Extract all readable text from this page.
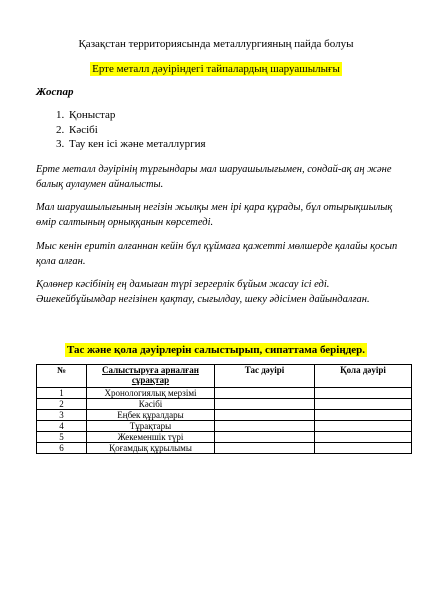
Қазақстан территориясында металлургияның пайда болуы
Ерте металл дәуіріндегі тайпалардың шаруашылығы
Жоспар
1. Қоныстар
2. Кәсібі
3. Тау кен ісі және металлургия

Ерте металл дәуірінің тұрғындары мал шаруашылығымен, сондай-ақ аң және балық аулаумен айналысты.

Мал шаруашылығының негізін жылқы мен ірі қара құрады, бұл отырықшылық өмір салтының орныққанын көрсетеді.

Мыс кенін еритіп алғаннан кейін бұл құймаға қажетті мөлшерде қалайы қосып қола алған.

Қолөнер кәсібінің ең дамыған түрі зергерлік бұйым жасау ісі еді. Әшекейбұйымдар негізінен қақтау, сығылдау, шеку әдісімен дайындалған.

Тас және қола дәуірлерін салыстырып, сипаттама беріңдер.
№	Салыстыруға арналған сұрақтар	Тас дәуірі	Қола дәуірі
1	Хронологиялық мерзімі		
2	Кәсібі		
3	Еңбек құралдары		
4	Тұрақтары		
5	Жекеменшік түрі		
6	Қоғамдық құрылымы		
